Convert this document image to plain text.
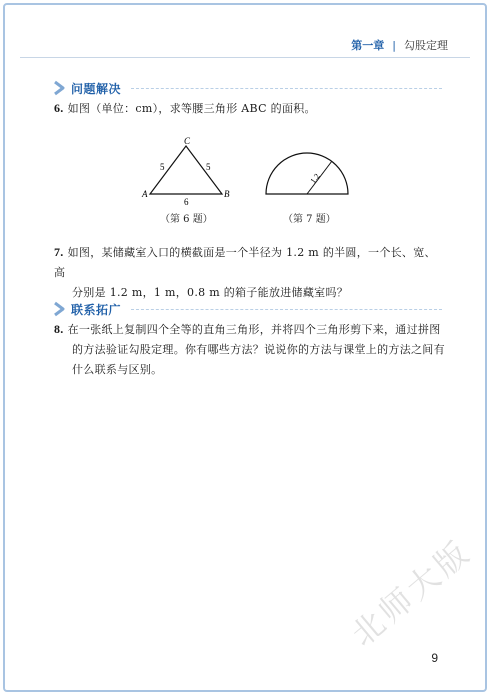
第一章 | 勾股定理
问题解决
6. 如图（单位：cm），求等腰三角形 ABC 的面积。
C
A	B
5	5
6
（第 6 题）
1.2
（第 7 题）
7. 如图，某储藏室入口的横截面是一个半径为 1.2 m 的半圆，一个长、宽、高
分别是 1.2 m，1 m，0.8 m 的箱子能放进储藏室吗？
联系拓广
8. 在一张纸上复制四个全等的直角三角形，并将四个三角形剪下来，通过拼图
的方法验证勾股定理。你有哪些方法？说说你的方法与课堂上的方法之间有
什么联系与区别。
北师大版
9
